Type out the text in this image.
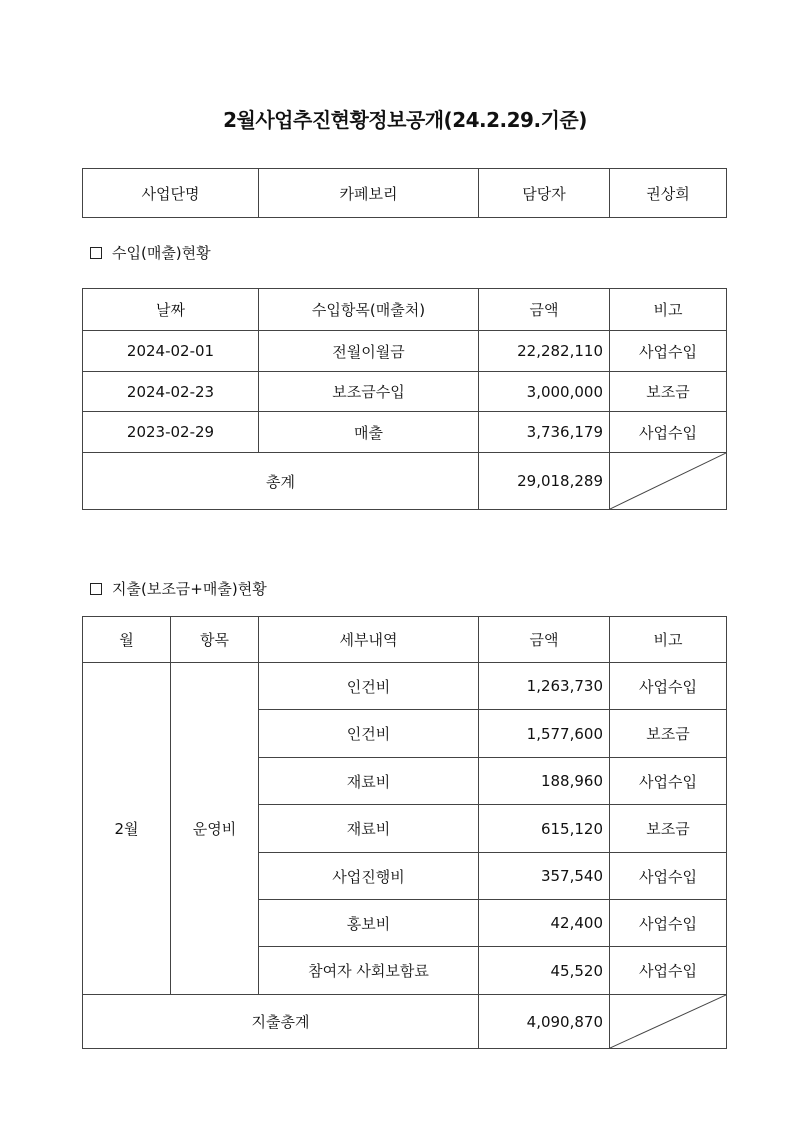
2월사업추진현황정보공개(24.2.29.기준)
사업단명	카페보리	담당자	권상희
수입(매출)현황
날짜	수입항목(매출처)	금액	비고
2024-02-01	전월이월금	22,282,110	사업수입
2024-02-23	보조금수입	3,000,000	보조금
2023-02-29	매출	3,736,179	사업수입
총계		29,018,289	
지출(보조금+매출)현황
월	항목	세부내역	금액	비고
2월	운영비	인건비	1,263,730	사업수입
		인건비	1,577,600	보조금
		재료비	188,960	사업수입
		재료비	615,120	보조금
		사업진행비	357,540	사업수입
		홍보비	42,400	사업수입
		참여자 사회보함료	45,520	사업수입
지출총계			4,090,870	
